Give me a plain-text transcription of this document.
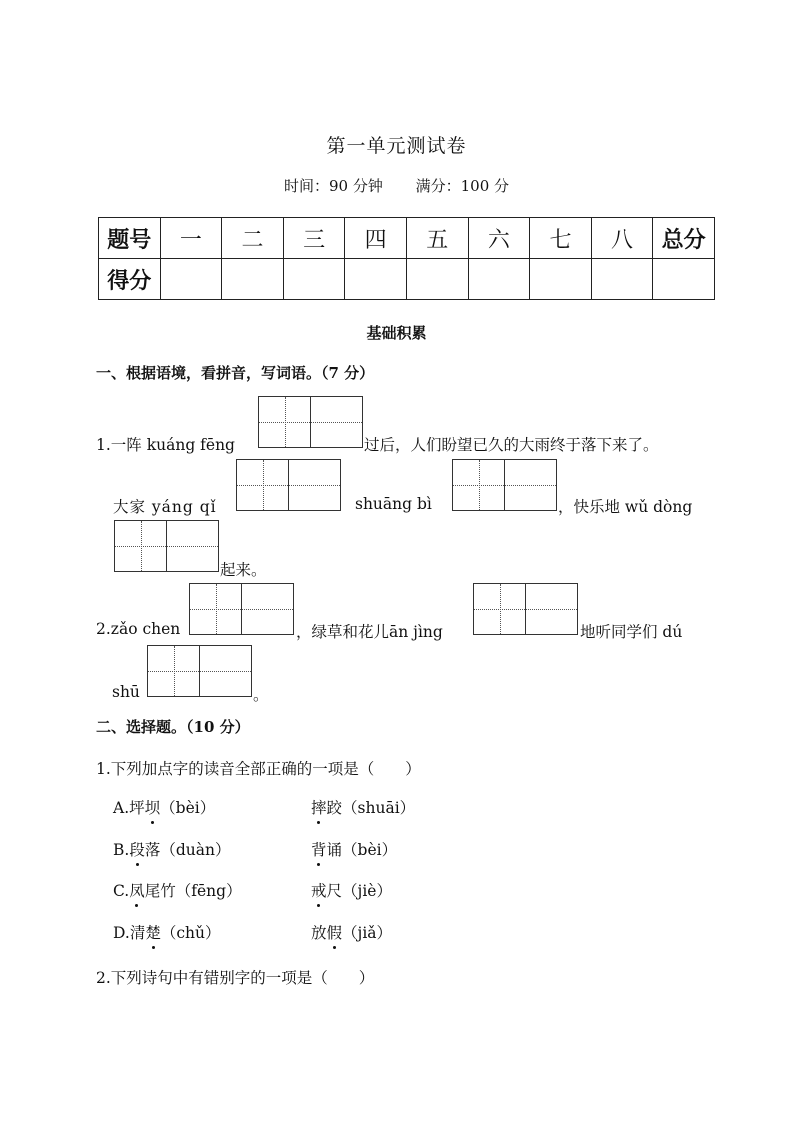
第一单元测试卷
时间：90 分钟 满分：100 分
题号	一	二	三	四	五	六	七	八	总分
得分									
基础积累
一、根据语境，看拼音，写词语。（7 分）
1.一阵 kuáng fēng	过后，人们盼望已久的大雨终于落下来了。
大家 yáng qǐ	shuāng bì	，快乐地 wǔ dòng
起来。
2.zǎo chen	，绿草和花儿ān jìng	地听同学们 dú
shū	。
二、选择题。（10 分）
1.下列加点字的读音全部正确的一项是（　　）
A.坪坝（bèi）	摔跤（shuāi）
B.段落（duàn）	背诵（bèi）
C.凤尾竹（fēng）	戒尺（jiè）
D.清楚（chǔ）	放假（jiǎ）
2.下列诗句中有错别字的一项是（　　）
